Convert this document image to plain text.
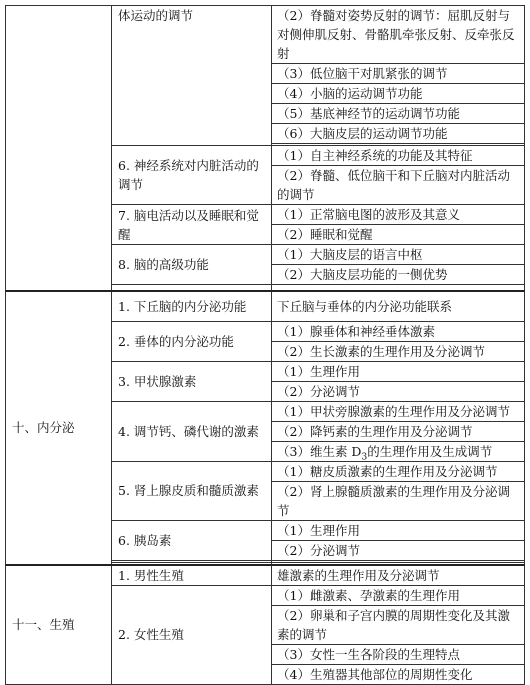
	体运动的调节	（2）脊髓对姿势反射的调节：屈肌反射与对侧伸肌反射、骨骼肌牵张反射、反牵张反射
		（3）低位脑干对肌紧张的调节
		（4）小脑的运动调节功能
		（5）基底神经节的运动调节功能
		（6）大脑皮层的运动调节功能

	6. 神经系统对内脏活动的调节	（1）自主神经系统的功能及其特征
		（2）脊髓、低位脑干和下丘脑对内脏活动的调节
	7. 脑电活动以及睡眠和觉醒	（1）正常脑电图的波形及其意义
		（2）睡眠和觉醒
	8. 脑的高级功能	（1）大脑皮层的语言中枢
		（2）大脑皮层功能的一侧优势

十、内分泌	1. 下丘脑的内分泌功能	下丘脑与垂体的内分泌功能联系
	2. 垂体的内分泌功能	（1）腺垂体和神经垂体激素
		（2）生长激素的生理作用及分泌调节
	3. 甲状腺激素	（1）生理作用
		（2）分泌调节
	4. 调节钙、磷代谢的激素	（1）甲状旁腺激素的生理作用及分泌调节
		（2）降钙素的生理作用及分泌调节
		（3）维生素 $D_3$的生理作用及生成调节
	5. 肾上腺皮质和髓质激素	（1）糖皮质激素的生理作用及分泌调节
		（2）肾上腺髓质激素的生理作用及分泌调节
	6. 胰岛素	（1）生理作用
		（2）分泌调节

十一、生殖	1. 男性生殖	雄激素的生理作用及分泌调节
	2. 女性生殖	（1）雌激素、孕激素的生理作用
		（2）卵巢和子宫内膜的周期性变化及其激素的调节
		（3）女性一生各阶段的生理特点
		（4）生殖器其他部位的周期性变化
